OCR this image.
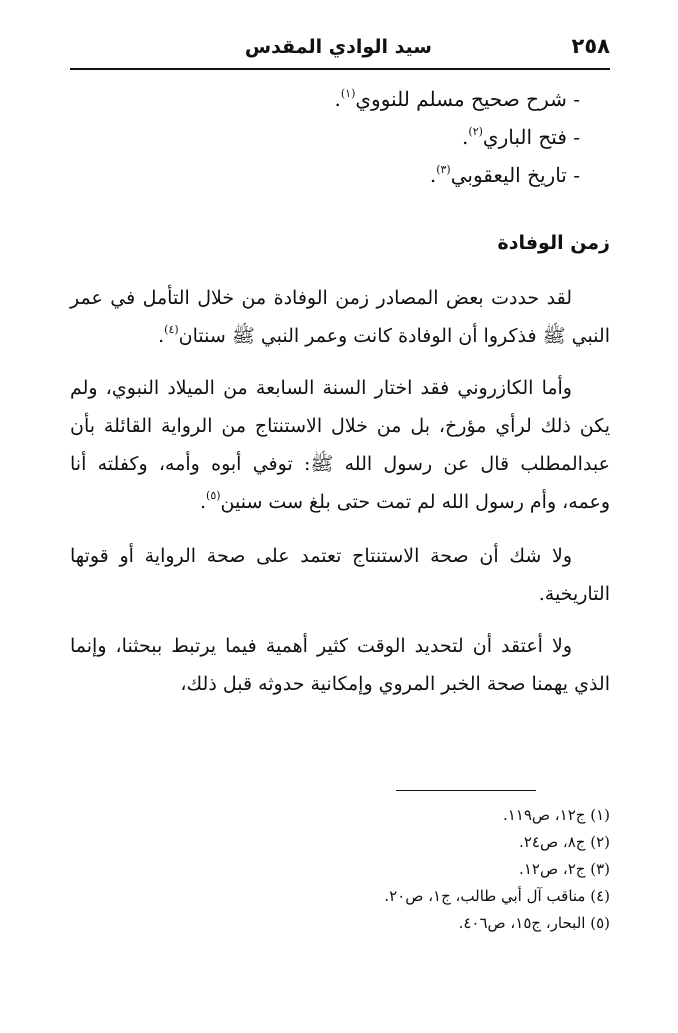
٢٥٨
سيد الوادي المقدس
- شرح صحيح مسلم للنووي$^{(١)}$.
- فتح الباري$^{(٢)}$.
- تاريخ اليعقوبي$^{(٣)}$.
زمن الوفادة

لقد حددت بعض المصادر زمن الوفادة من خلال التأمل في عمر النبي ﷺ فذكروا أن الوفادة كانت وعمر النبي ﷺ سنتان$^{(٤)}$.

وأما الكازروني فقد اختار السنة السابعة من الميلاد النبوي، ولم يكن ذلك لرأي مؤرخ، بل من خلال الاستنتاج من الرواية القائلة بأن عبدالمطلب قال عن رسول الله ﷺ: توفي أبوه وأمه، وكفلته أنا وعمه، وأم رسول الله لم تمت حتى بلغ ست سنين$^{(٥)}$.

ولا شك أن صحة الاستنتاج تعتمد على صحة الرواية أو قوتها التاريخية.

ولا أعتقد أن لتحديد الوقت كثير أهمية فيما يرتبط ببحثنا، وإنما الذي يهمنا صحة الخبر المروي وإمكانية حدوثه قبل ذلك،

(١) ج١٢، ص١١٩.
(٢) ج٨، ص٢٤.
(٣) ج٢، ص١٢.
(٤) مناقب آل أبي طالب، ج١، ص٢٠.
(٥) البحار، ج١٥، ص٤٠٦.
